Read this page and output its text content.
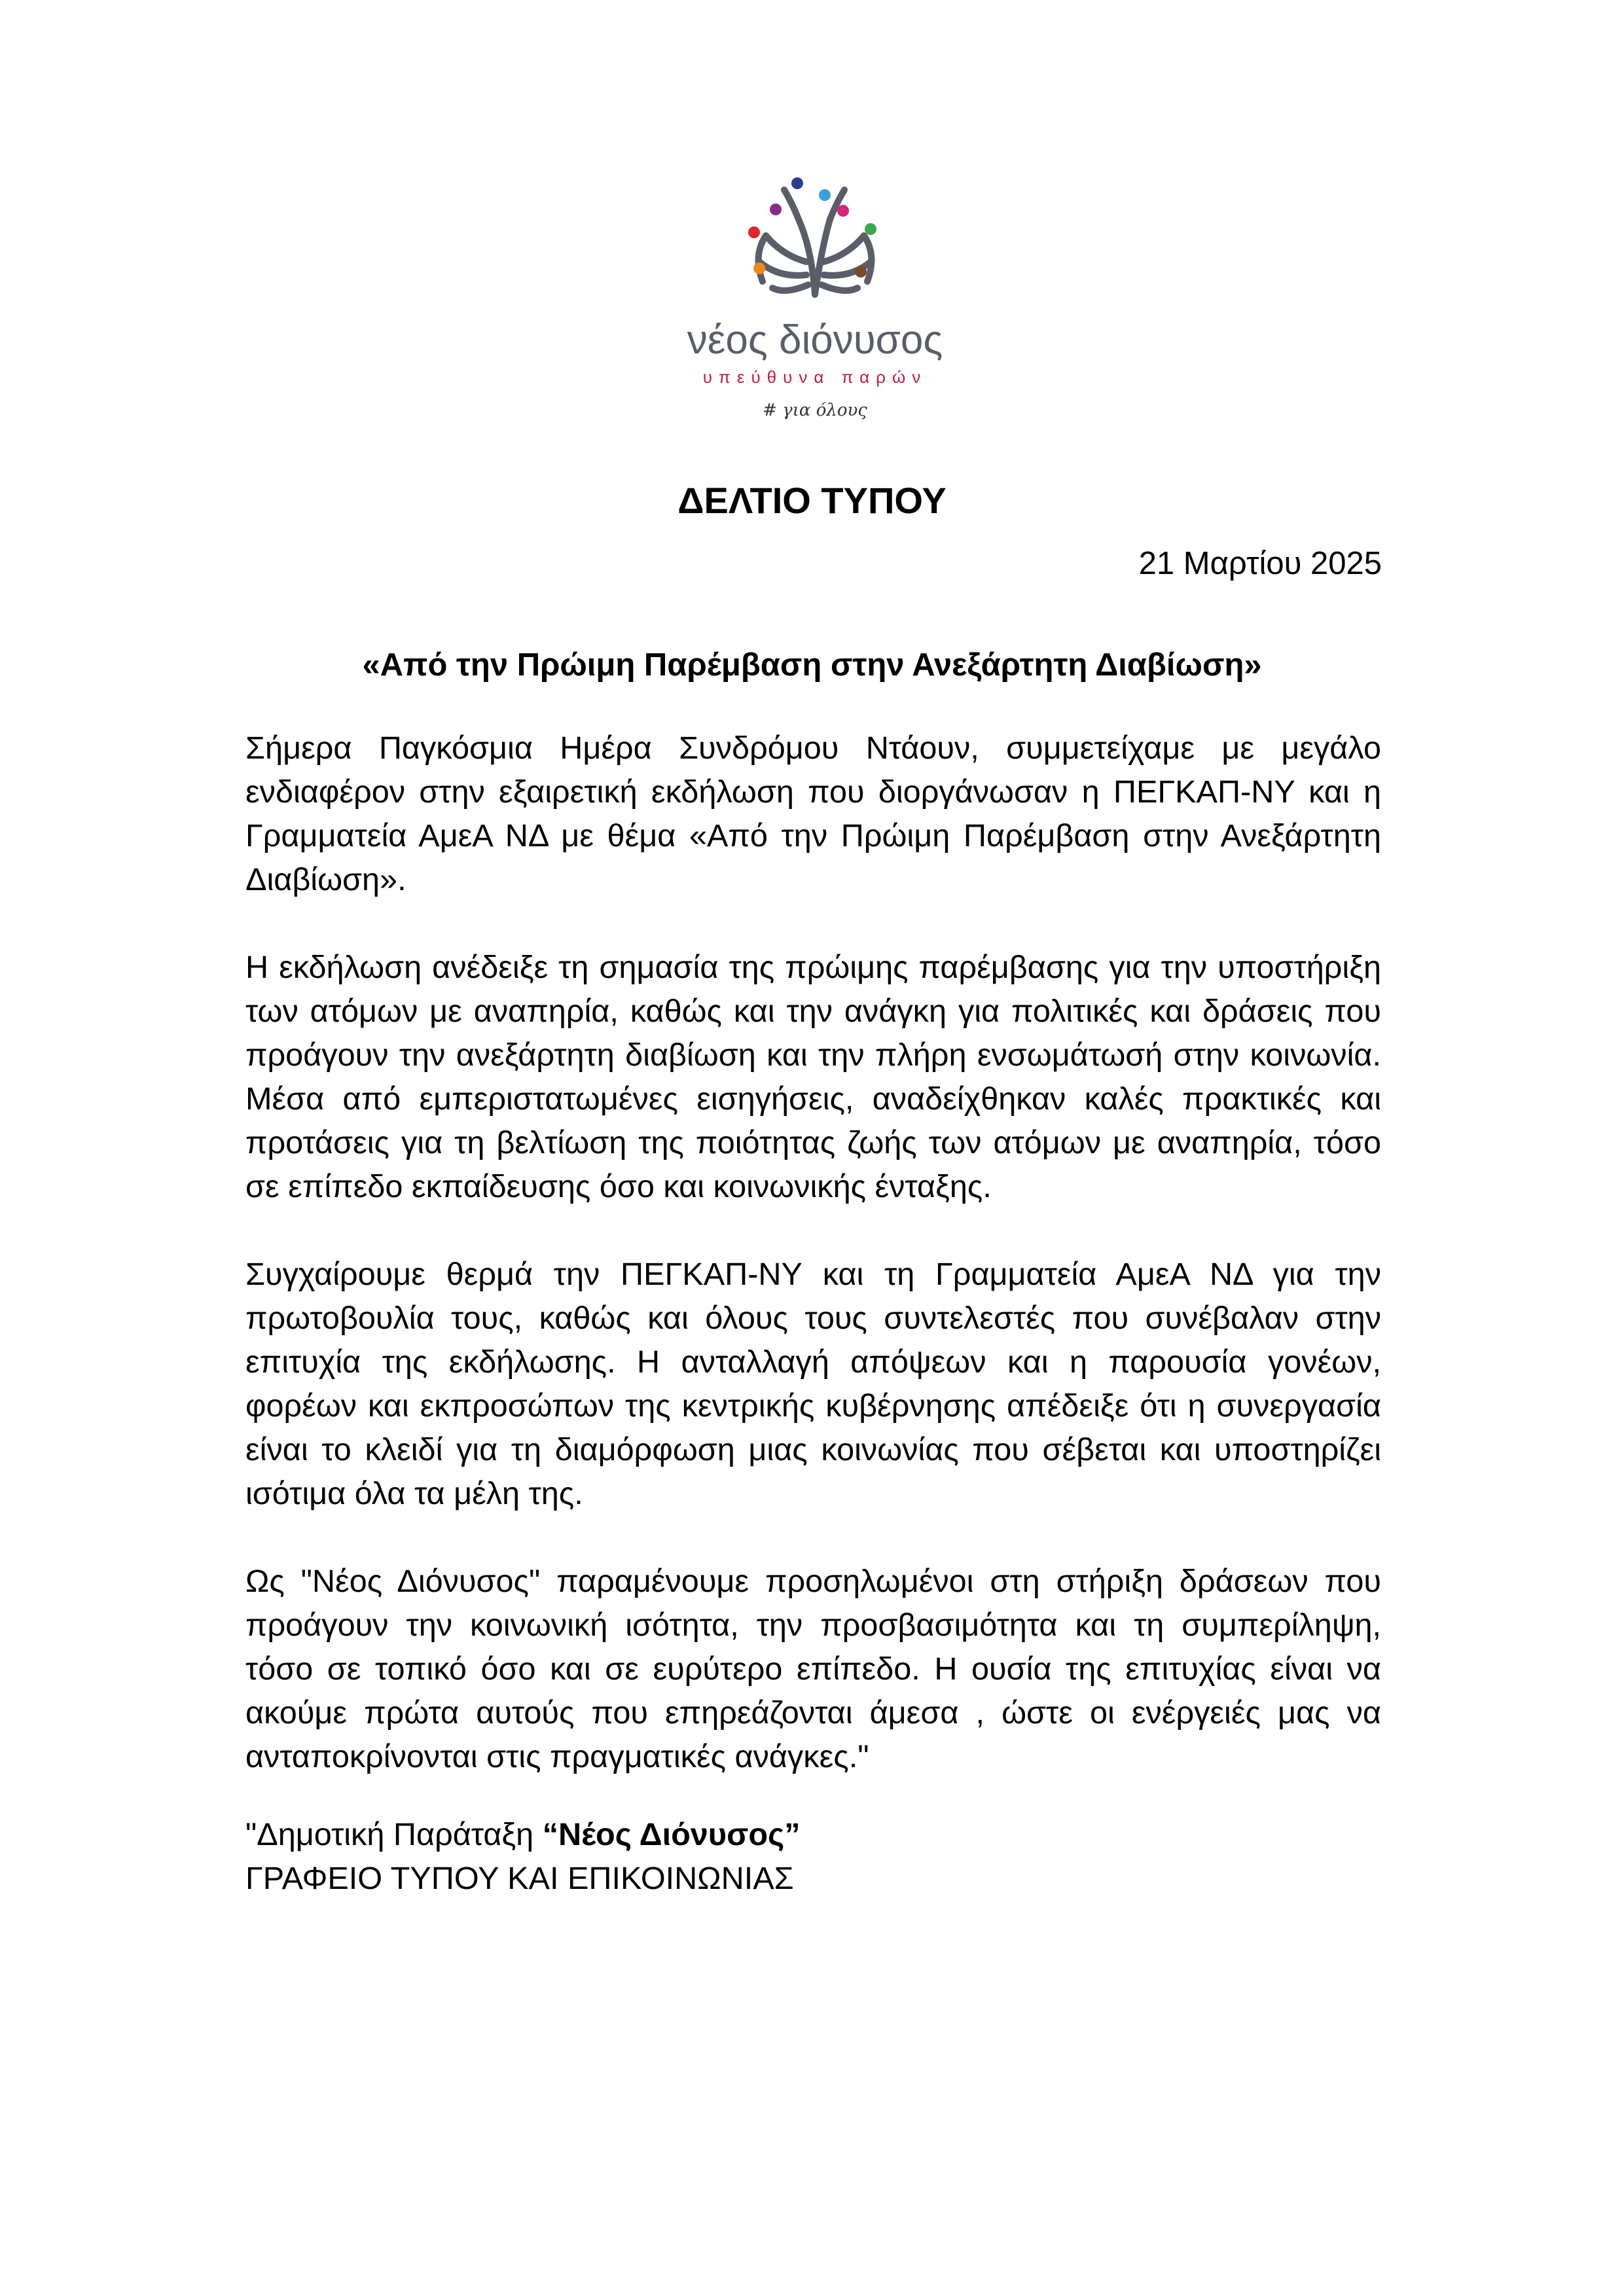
νέος διόνυσος
υπεύθυνα παρών
# για όλους
ΔΕΛΤΙΟ ΤΥΠΟΥ
21 Μαρτίου 2025
«Από την Πρώιμη Παρέμβαση στην Ανεξάρτητη Διαβίωση»

Σήμερα Παγκόσμια Ημέρα Συνδρόμου Ντάουν, συμμετείχαμε με μεγάλο ενδιαφέρον στην εξαιρετική εκδήλωση που διοργάνωσαν η ΠΕΓΚΑΠ-ΝΥ και η Γραμματεία ΑμεΑ ΝΔ με θέμα «Από την Πρώιμη Παρέμβαση στην Ανεξάρτητη Διαβίωση».

Η εκδήλωση ανέδειξε τη σημασία της πρώιμης παρέμβασης για την υποστήριξη των ατόμων με αναπηρία, καθώς και την ανάγκη για πολιτικές και δράσεις που προάγουν την ανεξάρτητη διαβίωση και την πλήρη ενσωμάτωσή στην κοινωνία. Μέσα από εμπεριστατωμένες εισηγήσεις, αναδείχθηκαν καλές πρακτικές και προτάσεις για τη βελτίωση της ποιότητας ζωής των ατόμων με αναπηρία, τόσο σε επίπεδο εκπαίδευσης όσο και κοινωνικής ένταξης.

Συγχαίρουμε θερμά την ΠΕΓΚΑΠ-ΝΥ και τη Γραμματεία ΑμεΑ ΝΔ για την πρωτοβουλία τους, καθώς και όλους τους συντελεστές που συνέβαλαν στην επιτυχία της εκδήλωσης. Η ανταλλαγή απόψεων και η παρουσία γονέων, φορέων και εκπροσώπων της κεντρικής κυβέρνησης απέδειξε ότι η συνεργασία είναι το κλειδί για τη διαμόρφωση μιας κοινωνίας που σέβεται και υποστηρίζει ισότιμα όλα τα μέλη της.

Ως "Νέος Διόνυσος" παραμένουμε προσηλωμένοι στη στήριξη δράσεων που προάγουν την κοινωνική ισότητα, την προσβασιμότητα και τη συμπερίληψη, τόσο σε τοπικό όσο και σε ευρύτερο επίπεδο. Η ουσία της επιτυχίας είναι να ακούμε πρώτα αυτούς που επηρεάζονται άμεσα , ώστε οι ενέργειές μας να ανταποκρίνονται στις πραγματικές ανάγκες."

"Δημοτική Παράταξη “Νέος Διόνυσος”
ΓΡΑΦΕΙΟ ΤΥΠΟΥ ΚΑΙ ΕΠΙΚΟΙΝΩΝΙΑΣ
